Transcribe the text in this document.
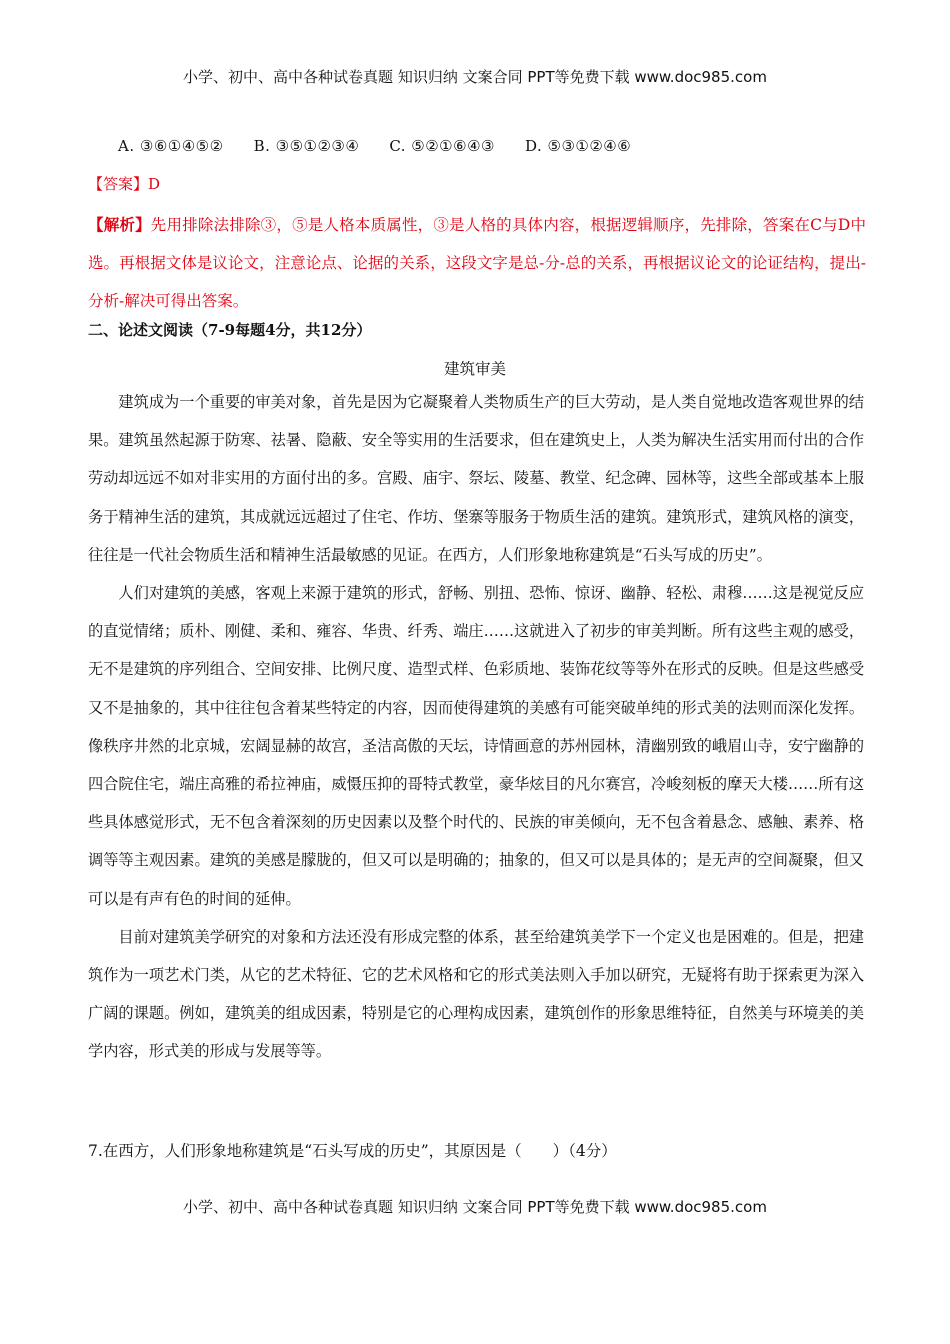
小学、初中、高中各种试卷真题 知识归纳 文案合同 PPT等免费下载 www.doc985.com
A. ③⑥①④⑤② B. ③⑤①②③④ C. ⑤②①⑥④③ D. ⑤③①②④⑥
【答案】D
【解析】先用排除法排除③，⑤是人格本质属性，③是人格的具体内容，根据逻辑顺序，先排除，答案在C与D中选。再根据文体是议论文，注意论点、论据的关系，这段文字是总-分-总的关系，再根据议论文的论证结构，提出-分析-解决可得出答案。
二、论述文阅读（7-9每题4分，共12分）
建筑审美

建筑成为一个重要的审美对象，首先是因为它凝聚着人类物质生产的巨大劳动，是人类自觉地改造客观世界的结果。建筑虽然起源于防寒、祛暑、隐蔽、安全等实用的生活要求，但在建筑史上，人类为解决生活实用而付出的合作劳动却远远不如对非实用的方面付出的多。宫殿、庙宇、祭坛、陵墓、教堂、纪念碑、园林等，这些全部或基本上服务于精神生活的建筑，其成就远远超过了住宅、作坊、堡寨等服务于物质生活的建筑。建筑形式，建筑风格的演变，往往是一代社会物质生活和精神生活最敏感的见证。在西方，人们形象地称建筑是“石头写成的历史”。

人们对建筑的美感，客观上来源于建筑的形式，舒畅、别扭、恐怖、惊讶、幽静、轻松、肃穆……这是视觉反应的直觉情绪；质朴、刚健、柔和、雍容、华贵、纤秀、端庄……这就进入了初步的审美判断。所有这些主观的感受，无不是建筑的序列组合、空间安排、比例尺度、造型式样、色彩质地、装饰花纹等等外在形式的反映。但是这些感受又不是抽象的，其中往往包含着某些特定的内容，因而使得建筑的美感有可能突破单纯的形式美的法则而深化发挥。像秩序井然的北京城，宏阔显赫的故宫，圣洁高傲的天坛，诗情画意的苏州园林，清幽别致的峨眉山寺，安宁幽静的四合院住宅，端庄高雅的希拉神庙，威慑压抑的哥特式教堂，豪华炫目的凡尔赛宫，冷峻刻板的摩天大楼……所有这些具体感觉形式，无不包含着深刻的历史因素以及整个时代的、民族的审美倾向，无不包含着悬念、感触、素养、格调等等主观因素。建筑的美感是朦胧的，但又可以是明确的；抽象的，但又可以是具体的；是无声的空间凝聚，但又可以是有声有色的时间的延伸。

目前对建筑美学研究的对象和方法还没有形成完整的体系，甚至给建筑美学下一个定义也是困难的。但是，把建筑作为一项艺术门类，从它的艺术特征、它的艺术风格和它的形式美法则入手加以研究，无疑将有助于探索更为深入广阔的课题。例如，建筑美的组成因素，特别是它的心理构成因素，建筑创作的形象思维特征，自然美与环境美的美学内容，形式美的形成与发展等等。

7.在西方，人们形象地称建筑是“石头写成的历史”，其原因是（　　）（4分）
小学、初中、高中各种试卷真题 知识归纳 文案合同 PPT等免费下载 www.doc985.com
